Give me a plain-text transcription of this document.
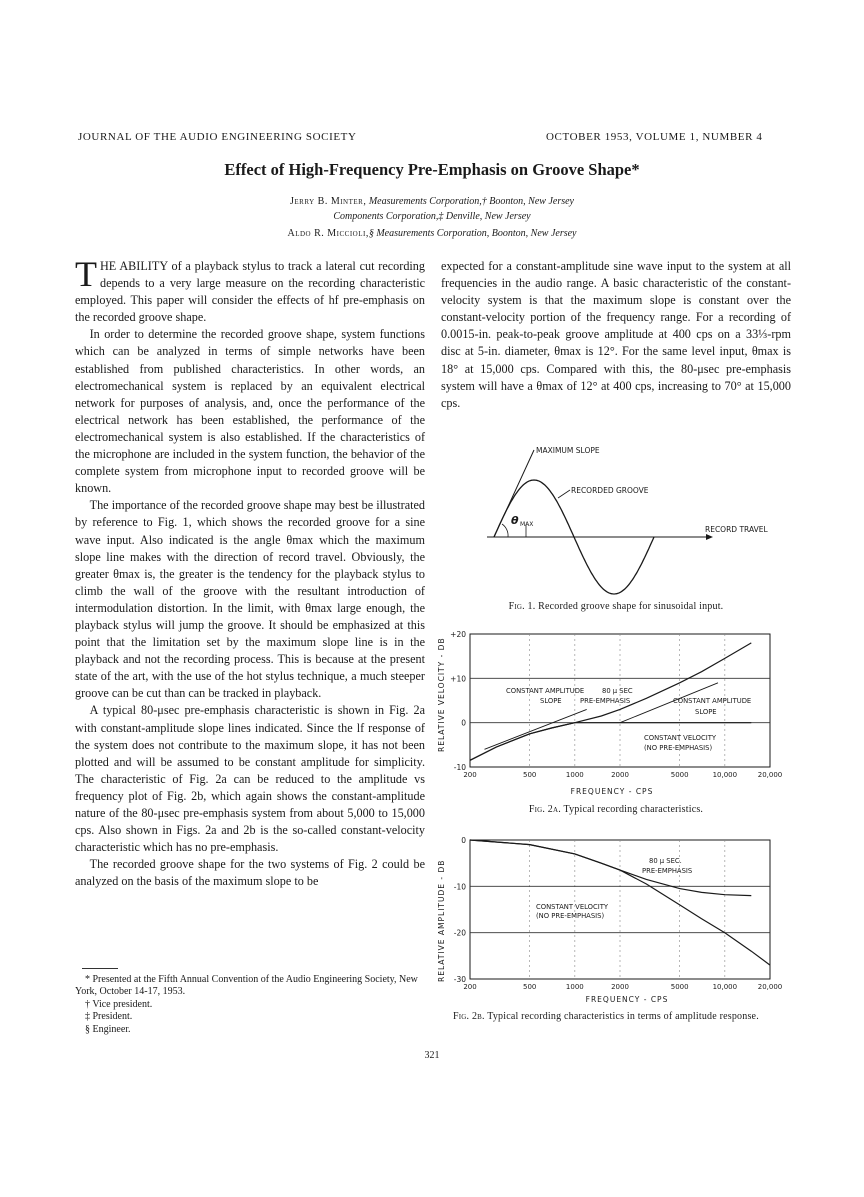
JOURNAL OF THE AUDIO ENGINEERING SOCIETY	OCTOBER 1953, VOLUME 1, NUMBER 4
Effect of High-Frequency Pre-Emphasis on Groove Shape*
Jerry B. Minter, Measurements Corporation,† Boonton, New Jersey
Components Corporation,‡ Denville, New Jersey
Aldo R. Miccioli,§ Measurements Corporation, Boonton, New Jersey

THE ABILITY of a playback stylus to track a lateral cut recording depends to a very large measure on the recording characteristic employed. This paper will consider the effects of hf pre-emphasis on the recorded groove shape.

In order to determine the recorded groove shape, system functions which can be analyzed in terms of simple networks have been established from published characteristics. In other words, an electromechanical system is replaced by an equivalent electrical network for purposes of analysis, and, once the performance of the electrical network has been established, the performance of the electromechanical system is also established. If the characteristics of the microphone are included in the system function, the behavior of the complete system from microphone input to recorded groove will be known.

The importance of the recorded groove shape may best be illustrated by reference to Fig. 1, which shows the recorded groove for a sine wave input. Also indicated is the angle θmax which the maximum slope line makes with the direction of record travel. Obviously, the greater θmax is, the greater is the tendency for the playback stylus to climb the wall of the groove with the resultant introduction of intermodulation distortion. In the limit, with θmax large enough, the playback stylus will jump the groove. It should be emphasized at this point that the limitation set by the maximum slope line is in the playback and not the recording process. This is because at the present state of the art, with the use of the hot stylus technique, a much steeper groove can be cut than can be tracked in playback.

A typical 80-μsec pre-emphasis characteristic is shown in Fig. 2a with constant-amplitude slope lines indicated. Since the lf response of the system does not contribute to the maximum slope, it has not been plotted and will be assumed to be constant amplitude for simplicity. The characteristic of Fig. 2a can be reduced to the amplitude vs frequency plot of Fig. 2b, which again shows the constant-amplitude nature of the 80-μsec pre-emphasis system from about 5,000 to 15,000 cps. Also shown in Figs. 2a and 2b is the so-called constant-velocity characteristic which has no pre-emphasis.

The recorded groove shape for the two systems of Fig. 2 could be analyzed on the basis of the maximum slope to be

* Presented at the Fifth Annual Convention of the Audio Engineering Society, New York, October 14-17, 1953.
† Vice president.
‡ President.
§ Engineer.

expected for a constant-amplitude sine wave input to the system at all frequencies in the audio range. A basic characteristic of the constant-velocity system is that the maximum slope is constant over the constant-velocity portion of the frequency range. For a recording of 0.0015-in. peak-to-peak groove amplitude at 400 cps on a 33⅓-rpm disc at 5-in. diameter, θmax is 12°. For the same level input, θmax is 18° at 15,000 cps. Compared with this, the 80-μsec pre-emphasis system will have a θmax of 12° at 400 cps, increasing to 70° at 15,000 cps.

MAXIMUM SLOPE
RECORDED GROOVE
RECORD TRAVEL
θ MAX
Fig. 1. Recorded groove shape for sinusoidal input.
RELATIVE VELOCITY - DB
200	500	1000	2000	5000	10,000	20,000
+20
+10
0
-10
FREQUENCY - CPS
CONSTANT AMPLITUDE
SLOPE
80 μ SEC
PRE-EMPHASIS	CONSTANT AMPLITUDE
SLOPE
CONSTANT VELOCITY
(NO PRE-EMPHASIS)
Fig. 2a. Typical recording characteristics.
RELATIVE AMPLITUDE - DB
200	500	1000	2000	5000	10,000	20,000
0
-10
-20
-30
FREQUENCY - CPS
80 μ SEC.
PRE-EMPHASIS
CONSTANT VELOCITY
(NO PRE-EMPHASIS)
Fig. 2b. Typical recording characteristics in terms of amplitude response.
321
